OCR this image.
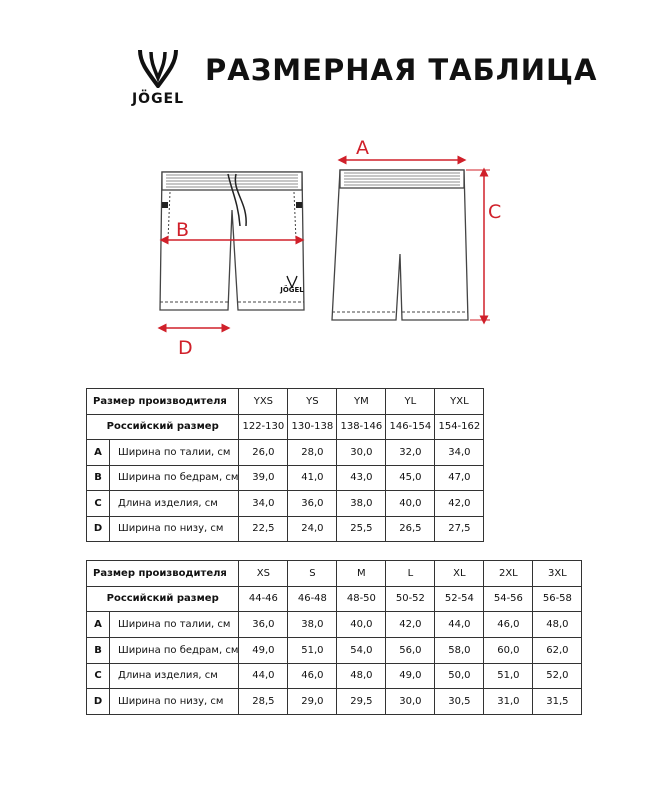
JÖGEL
РАЗМЕРНАЯ ТАБЛИЦА
JÖGEL
B
D
A
C
Размер производителя		YXS	YS	YM	YL	YXL
Российский размер		122-130	130-138	138-146	146-154	154-162
A	Ширина по талии, см	26,0	28,0	30,0	32,0	34,0
B	Ширина по бедрам, см	39,0	41,0	43,0	45,0	47,0
C	Длина изделия, см	34,0	36,0	38,0	40,0	42,0
D	Ширина по низу, см	22,5	24,0	25,5	26,5	27,5
Размер производителя		XS	S	M	L	XL	2XL	3XL
Российский размер		44-46	46-48	48-50	50-52	52-54	54-56	56-58
A	Ширина по талии, см	36,0	38,0	40,0	42,0	44,0	46,0	48,0
B	Ширина по бедрам, см	49,0	51,0	54,0	56,0	58,0	60,0	62,0
C	Длина изделия, см	44,0	46,0	48,0	49,0	50,0	51,0	52,0
D	Ширина по низу, см	28,5	29,0	29,5	30,0	30,5	31,0	31,5
